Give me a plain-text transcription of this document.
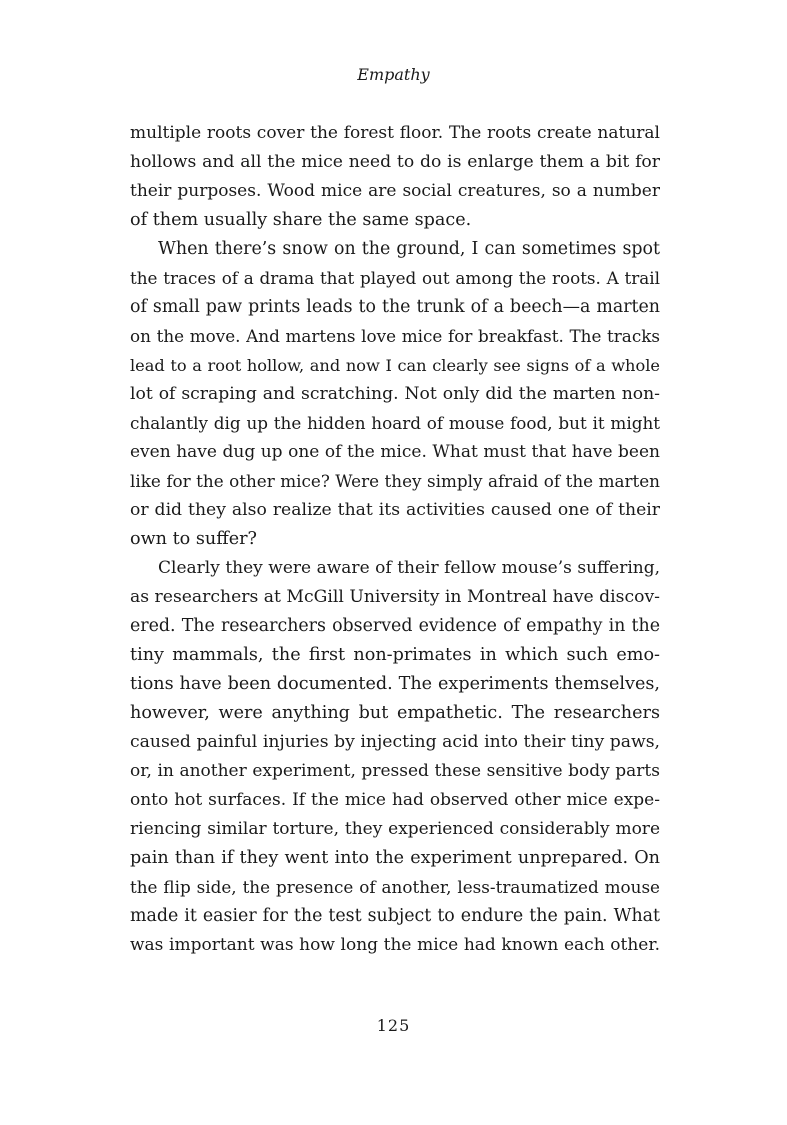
Empathy
multiple roots cover the forest floor. The roots create natural
hollows and all the mice need to do is enlarge them a bit for
their purposes. Wood mice are social creatures, so a number
of them usually share the same space.
When there’s snow on the ground, I can sometimes spot
the traces of a drama that played out among the roots. A trail
of small paw prints leads to the trunk of a beech—a marten
on the move. And martens love mice for breakfast. The tracks
lead to a root hollow, and now I can clearly see signs of a whole
lot of scraping and scratching. Not only did the marten non-
chalantly dig up the hidden hoard of mouse food, but it might
even have dug up one of the mice. What must that have been
like for the other mice? Were they simply afraid of the marten
or did they also realize that its activities caused one of their
own to suffer?
Clearly they were aware of their fellow mouse’s suffering,
as researchers at McGill University in Montreal have discov-
ered. The researchers observed evidence of empathy in the
tiny mammals, the first non-primates in which such emo-
tions have been documented. The experiments themselves,
however, were anything but empathetic. The researchers
caused painful injuries by injecting acid into their tiny paws,
or, in another experiment, pressed these sensitive body parts
onto hot surfaces. If the mice had observed other mice expe-
riencing similar torture, they experienced considerably more
pain than if they went into the experiment unprepared. On
the flip side, the presence of another, less-traumatized mouse
made it easier for the test subject to endure the pain. What
was important was how long the mice had known each other.
125
